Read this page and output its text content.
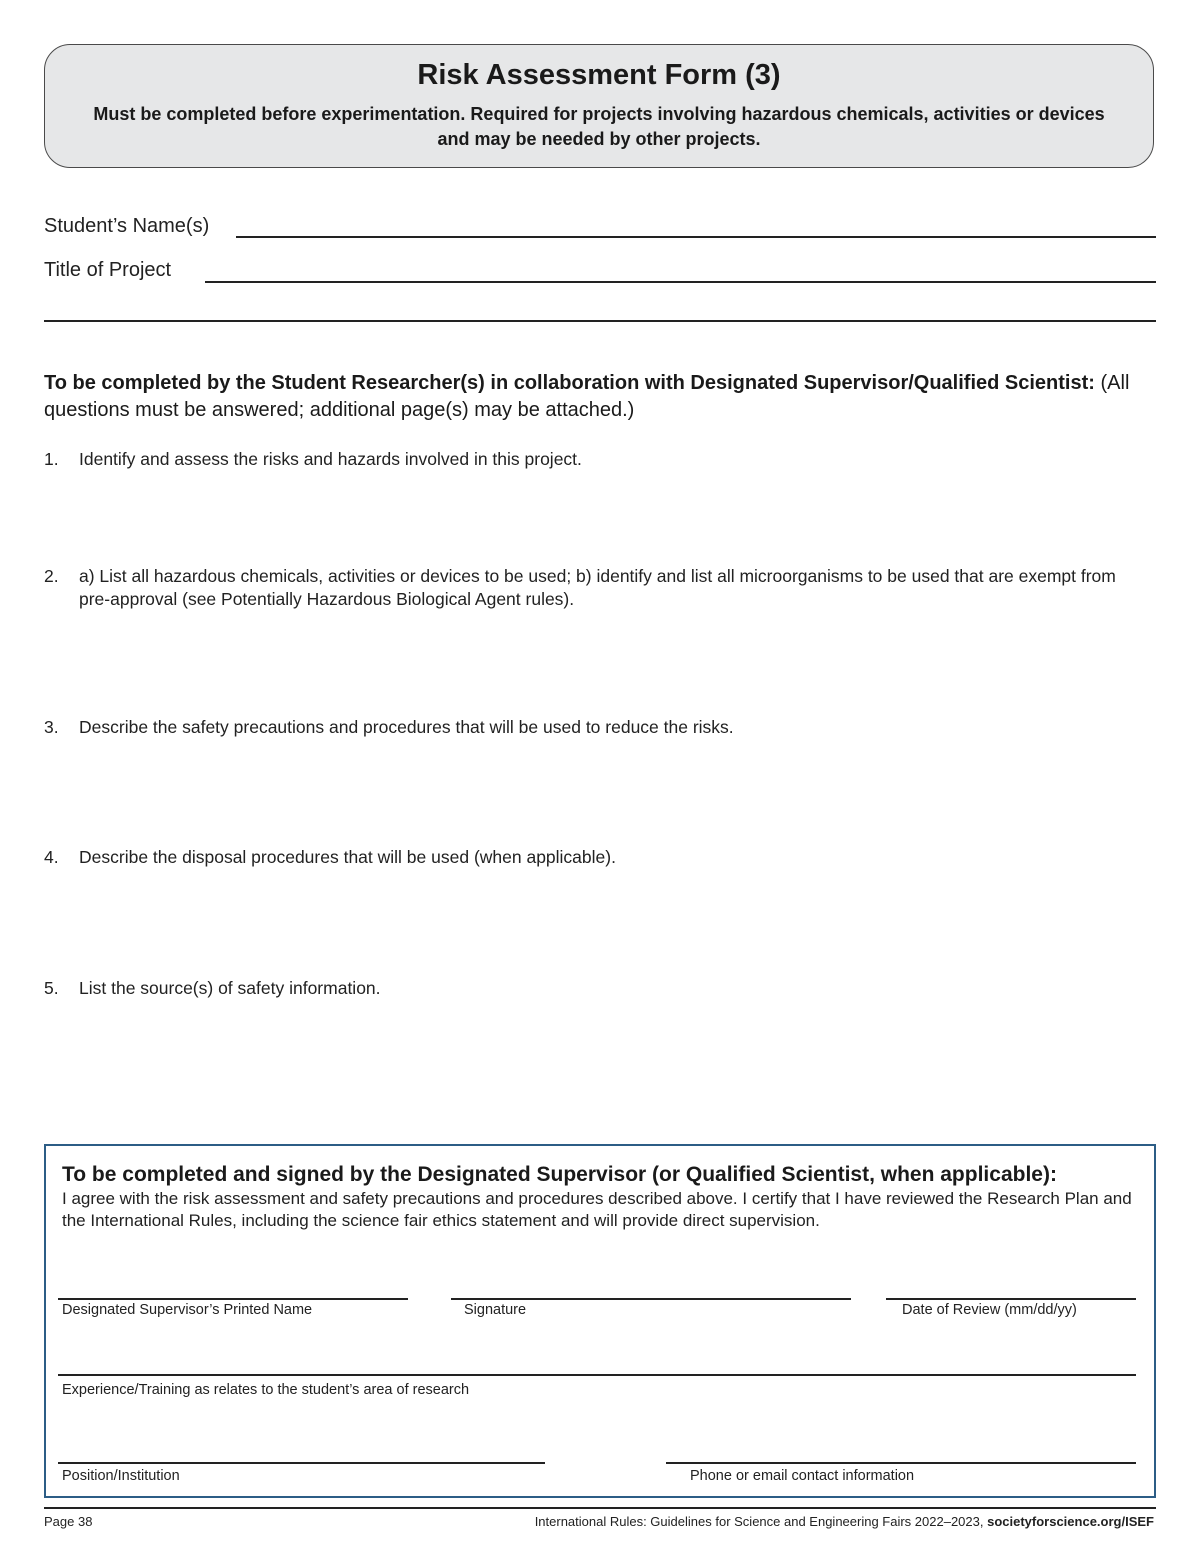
Risk Assessment Form (3)
Must be completed before experimentation. Required for projects involving hazardous chemicals, activities or devices and may be needed by other projects.
Student’s Name(s)
Title of Project
To be completed by the Student Researcher(s) in collaboration with Designated Supervisor/Qualified Scientist: (All questions must be answered; additional page(s) may be attached.)
1.	Identify and assess the risks and hazards involved in this project.
2.	a) List all hazardous chemicals, activities or devices to be used; b) identify and list all microorganisms to be used that are exempt from pre-approval (see Potentially Hazardous Biological Agent rules).
3.	Describe the safety precautions and procedures that will be used to reduce the risks.
4.	Describe the disposal procedures that will be used (when applicable).
5.	List the source(s) of safety information.
To be completed and signed by the Designated Supervisor (or Qualified Scientist, when applicable):
I agree with the risk assessment and safety precautions and procedures described above. I certify that I have reviewed the Research Plan and the International Rules, including the science fair ethics statement and will provide direct supervision.
Designated Supervisor’s Printed Name	Signature	Date of Review (mm/dd/yy)
Experience/Training as relates to the student’s area of research
Position/Institution	Phone or email contact information
Page 38	International Rules: Guidelines for Science and Engineering Fairs 2022–2023, societyforscience.org/ISEF
